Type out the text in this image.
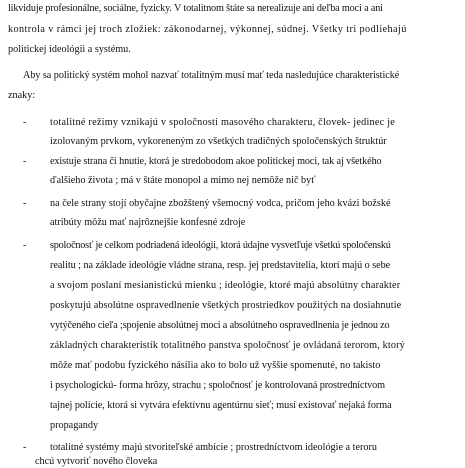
likviduje profesionálne, sociálne, fyzicky. V totalitnom štáte sa nerealizuje ani deľba moci a ani
kontrola v rámci jej troch zložiek: zákonodarnej, výkonnej, súdnej. Všetky tri podliehajú
politickej ideológii a systému.
Aby sa politický systém mohol nazvať totalitným musí mať teda nasledujúce charakteristické
znaky:
- totalitné režimy vznikajú v spoločnosti masového charakteru, človek- jedinec je
izolovaným prvkom, vykoreneným zo všetkých tradičných spoločenských štruktúr
- existuje strana či hnutie, ktorá je stredobodom akoe politickej moci, tak aj všetkého
ďalšieho života ; má v štáte monopol a mimo nej nemôže nič byť
- na čele strany stojí obyčajne zbožštený všemocný vodca, pričom jeho kvázi božské
atribúty môžu mať najrôznejšie konfesné zdroje
- spoločnosť je celkom podriadená ideológii, ktorá údajne vysvetľuje všetkú spoločenskú
realitu ; na základe ideológie vládne strana, resp. jej predstavitelia, ktorí majú o sebe
a svojom poslaní mesianistickú mienku ; ideológie, ktoré majú absolútny charakter
poskytujú absolútne ospravedlnenie všetkých prostriedkov použitých na dosiahnutie
vytýčeného cieľa ;spojenie absolútnej moci a absolútneho ospravedlnenia je jednou zo
základných charakteristík totalitného panstva spoločnosť je ovládaná terorom, ktorý
môže mať podobu fyzického násilia ako to bolo už vyššie spomenuté, no takisto
i psychologickú- forma hrôzy, strachu ; spoločnosť je kontrolovaná prostredníctvom
tajnej polície, ktorá si vytvára efektívnu agentúrnu sieť; musí existovať nejaká forma
propagandy
- totalitné systémy majú stvoriteľské ambície ; prostredníctvom ideológie a teroru
chcú vytvoriť nového človeka
